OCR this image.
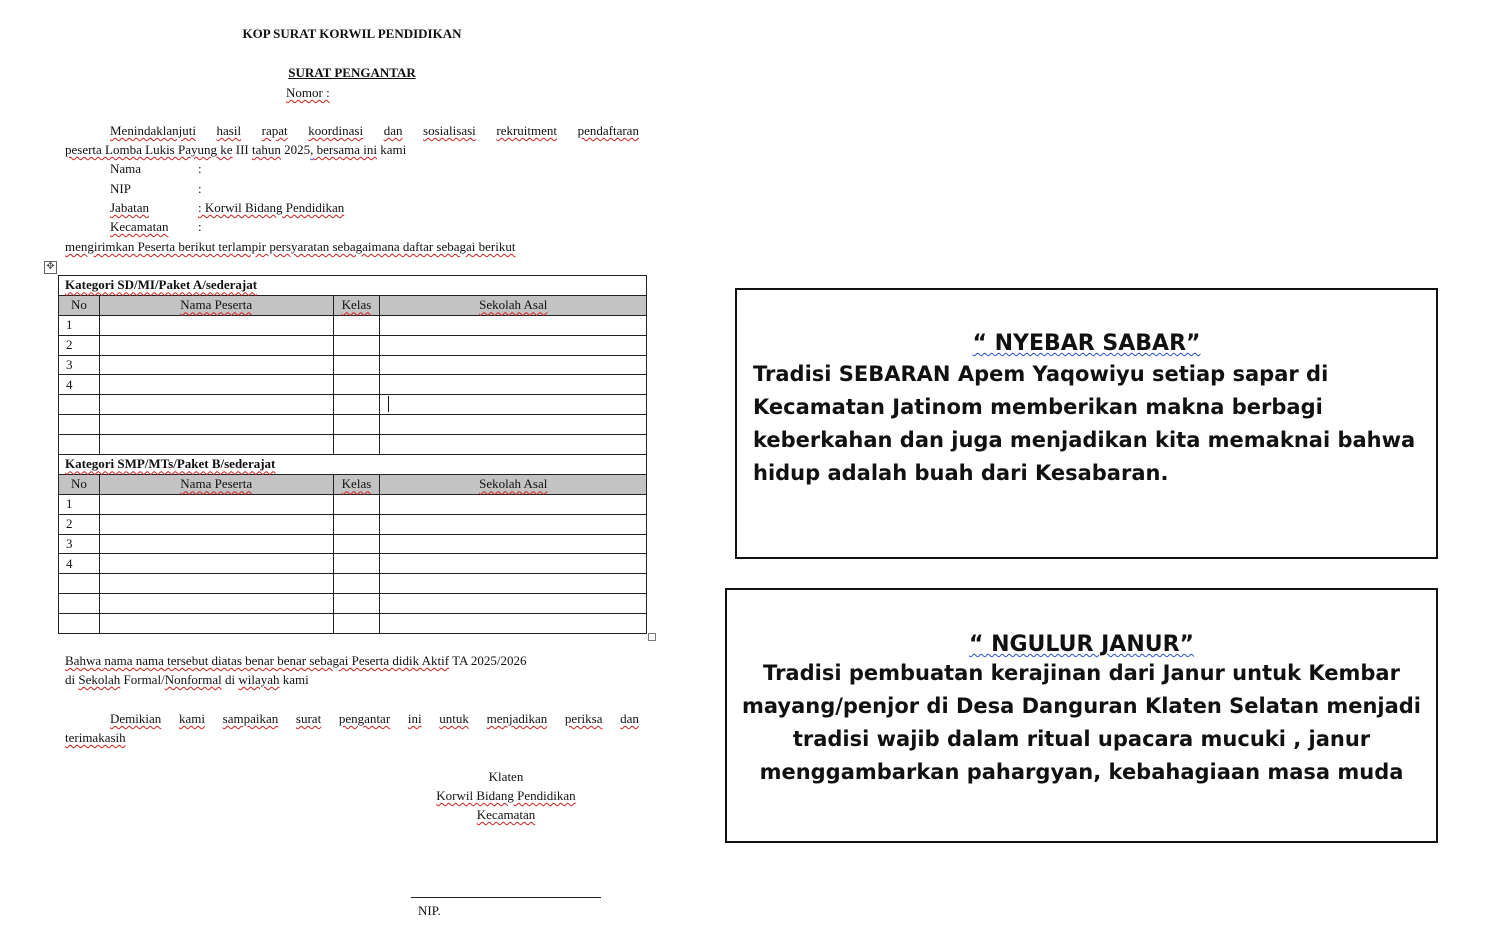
KOP SURAT KORWIL PENDIDIKAN
SURAT PENGANTAR
Nomor :
Menindaklanjuti hasil rapat koordinasi dan sosialisasi rekruitment pendaftaran
peserta Lomba Lukis Payung ke III tahun 2025, bersama ini kami
Nama	:
NIP	:
Jabatan	: Korwil Bidang Pendidikan
Kecamatan :
mengirimkan Peserta berikut terlampir persyaratan sebagaimana daftar sebagai berikut
✥
Kategori SD/MI/Paket A/sederajat			
No	Nama Peserta	Kelas	Sekolah Asal
1			
2			
3			
4			

Kategori SMP/MTs/Paket B/sederajat			
No	Nama Peserta	Kelas	Sekolah Asal
1			
2			
3			
4			

Bahwa nama nama tersebut diatas benar benar sebagai Peserta didik Aktif TA 2025/2026
di Sekolah Formal/Nonformal di wilayah kami
Demikian kami sampaikan surat pengantar ini untuk menjadikan periksa dan
terimakasih
Klaten
Korwil Bidang Pendidikan
Kecamatan
NIP.
“ NYEBAR SABAR”
Tradisi SEBARAN Apem Yaqowiyu setiap sapar di
Kecamatan Jatinom memberikan makna berbagi
keberkahan dan juga menjadikan kita memaknai bahwa
hidup adalah buah dari Kesabaran.
“ NGULUR JANUR”
Tradisi pembuatan kerajinan dari Janur untuk Kembar
mayang/penjor di Desa Danguran Klaten Selatan menjadi
tradisi wajib dalam ritual upacara mucuki , janur
menggambarkan pahargyan, kebahagiaan masa muda
